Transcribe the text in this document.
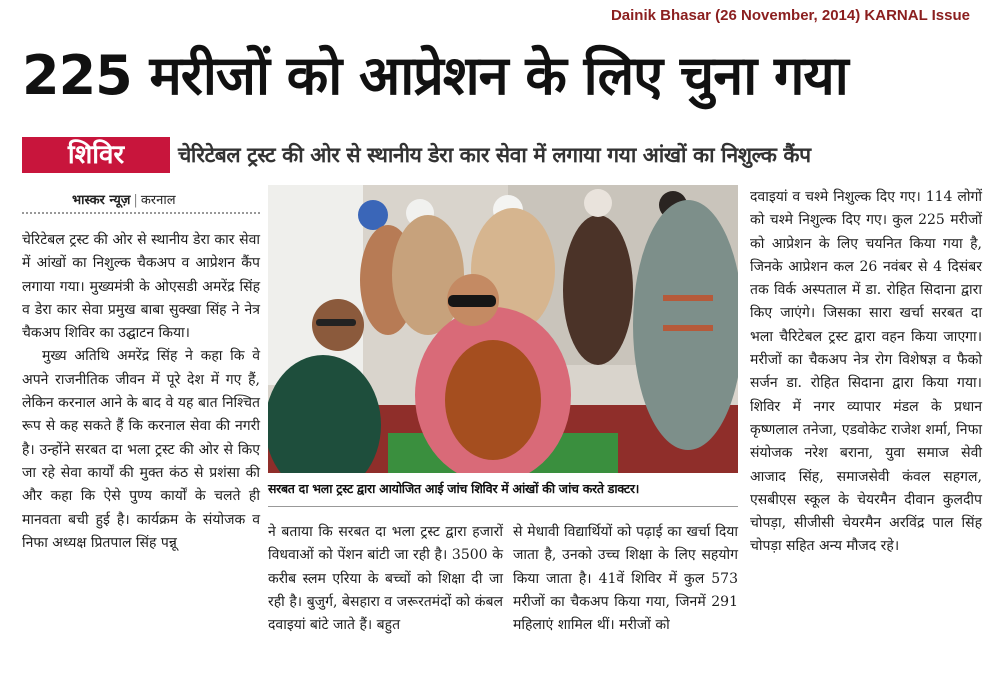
Dainik Bhasar (26 November, 2014) KARNAL Issue
225 मरीजों को आप्रेशन के लिए चुना गया
शिविर	चेरिटेबल ट्रस्ट की ओर से स्थानीय डेरा कार सेवा में लगाया गया आंखों का निशुल्क कैंप
भास्कर न्यूज़ | करनाल

चेरिटेबल ट्रस्ट की ओर से स्थानीय डेरा कार सेवा में आंखों का निशुल्क चैकअप व आप्रेशन कैंप लगाया गया। मुख्यमंत्री के ओएसडी अमरेंद्र सिंह व डेरा कार सेवा प्रमुख बाबा सुक्खा सिंह ने नेत्र चैकअप शिविर का उद्घाटन किया।

मुख्य अतिथि अमरेंद्र सिंह ने कहा कि वे अपने राजनीतिक जीवन में पूरे देश में गए हैं, लेकिन करनाल आने के बाद वे यह बात निश्चित रूप से कह सकते हैं कि करनाल सेवा की नगरी है। उन्होंने सरबत दा भला ट्रस्ट की ओर से किए जा रहे सेवा कार्यों की मुक्त कंठ से प्रशंसा की और कहा कि ऐसे पुण्य कार्यों के चलते ही मानवता बची हुई है। कार्यक्रम के संयोजक व निफा अध्यक्ष प्रितपाल सिंह पन्नू

सरबत दा भला ट्रस्ट द्वारा आयोजित आई जांच शिविर में आंखों की जांच करते डाक्टर।

ने बताया कि सरबत दा भला ट्रस्ट द्वारा हजारों विधवाओं को पेंशन बांटी जा रही है। 3500 के करीब स्लम एरिया के बच्चों को शिक्षा दी जा रही है। बुजुर्ग, बेसहारा व जरूरतमंदों को कंबल दवाइयां बांटे जाते हैं। बहुत

से मेधावी विद्यार्थियों को पढ़ाई का खर्चा दिया जाता है, उनको उच्च शिक्षा के लिए सहयोग किया जाता है। 41वें शिविर में कुल 573 मरीजों का चैकअप किया गया, जिनमें 291 महिलाएं शामिल थीं। मरीजों को

दवाइयां व चश्मे निशुल्क दिए गए। 114 लोगों को चश्मे निशुल्क दिए गए। कुल 225 मरीजों को आप्रेशन के लिए चयनित किया गया है, जिनके आप्रेशन कल 26 नवंबर से 4 दिसंबर तक विर्क अस्पताल में डा. रोहित सिदाना द्वारा किए जाएंगे। जिसका सारा खर्चा सरबत दा भला चैरिटेबल ट्रस्ट द्वारा वहन किया जाएगा। मरीजों का चैकअप नेत्र रोग विशेषज्ञ व फैको सर्जन डा. रोहित सिदाना द्वारा किया गया। शिविर में नगर व्यापार मंडल के प्रधान कृष्णलाल तनेजा, एडवोकेट राजेश शर्मा, निफा संयोजक नरेश बराना, युवा समाज सेवी आजाद सिंह, समाजसेवी कंवल सहगल, एसबीएस स्कूल के चेयरमैन दीवान कुलदीप चोपड़ा, सीजीसी चेयरमैन अरविंद्र पाल सिंह चोपड़ा सहित अन्य मौजद रहे।
